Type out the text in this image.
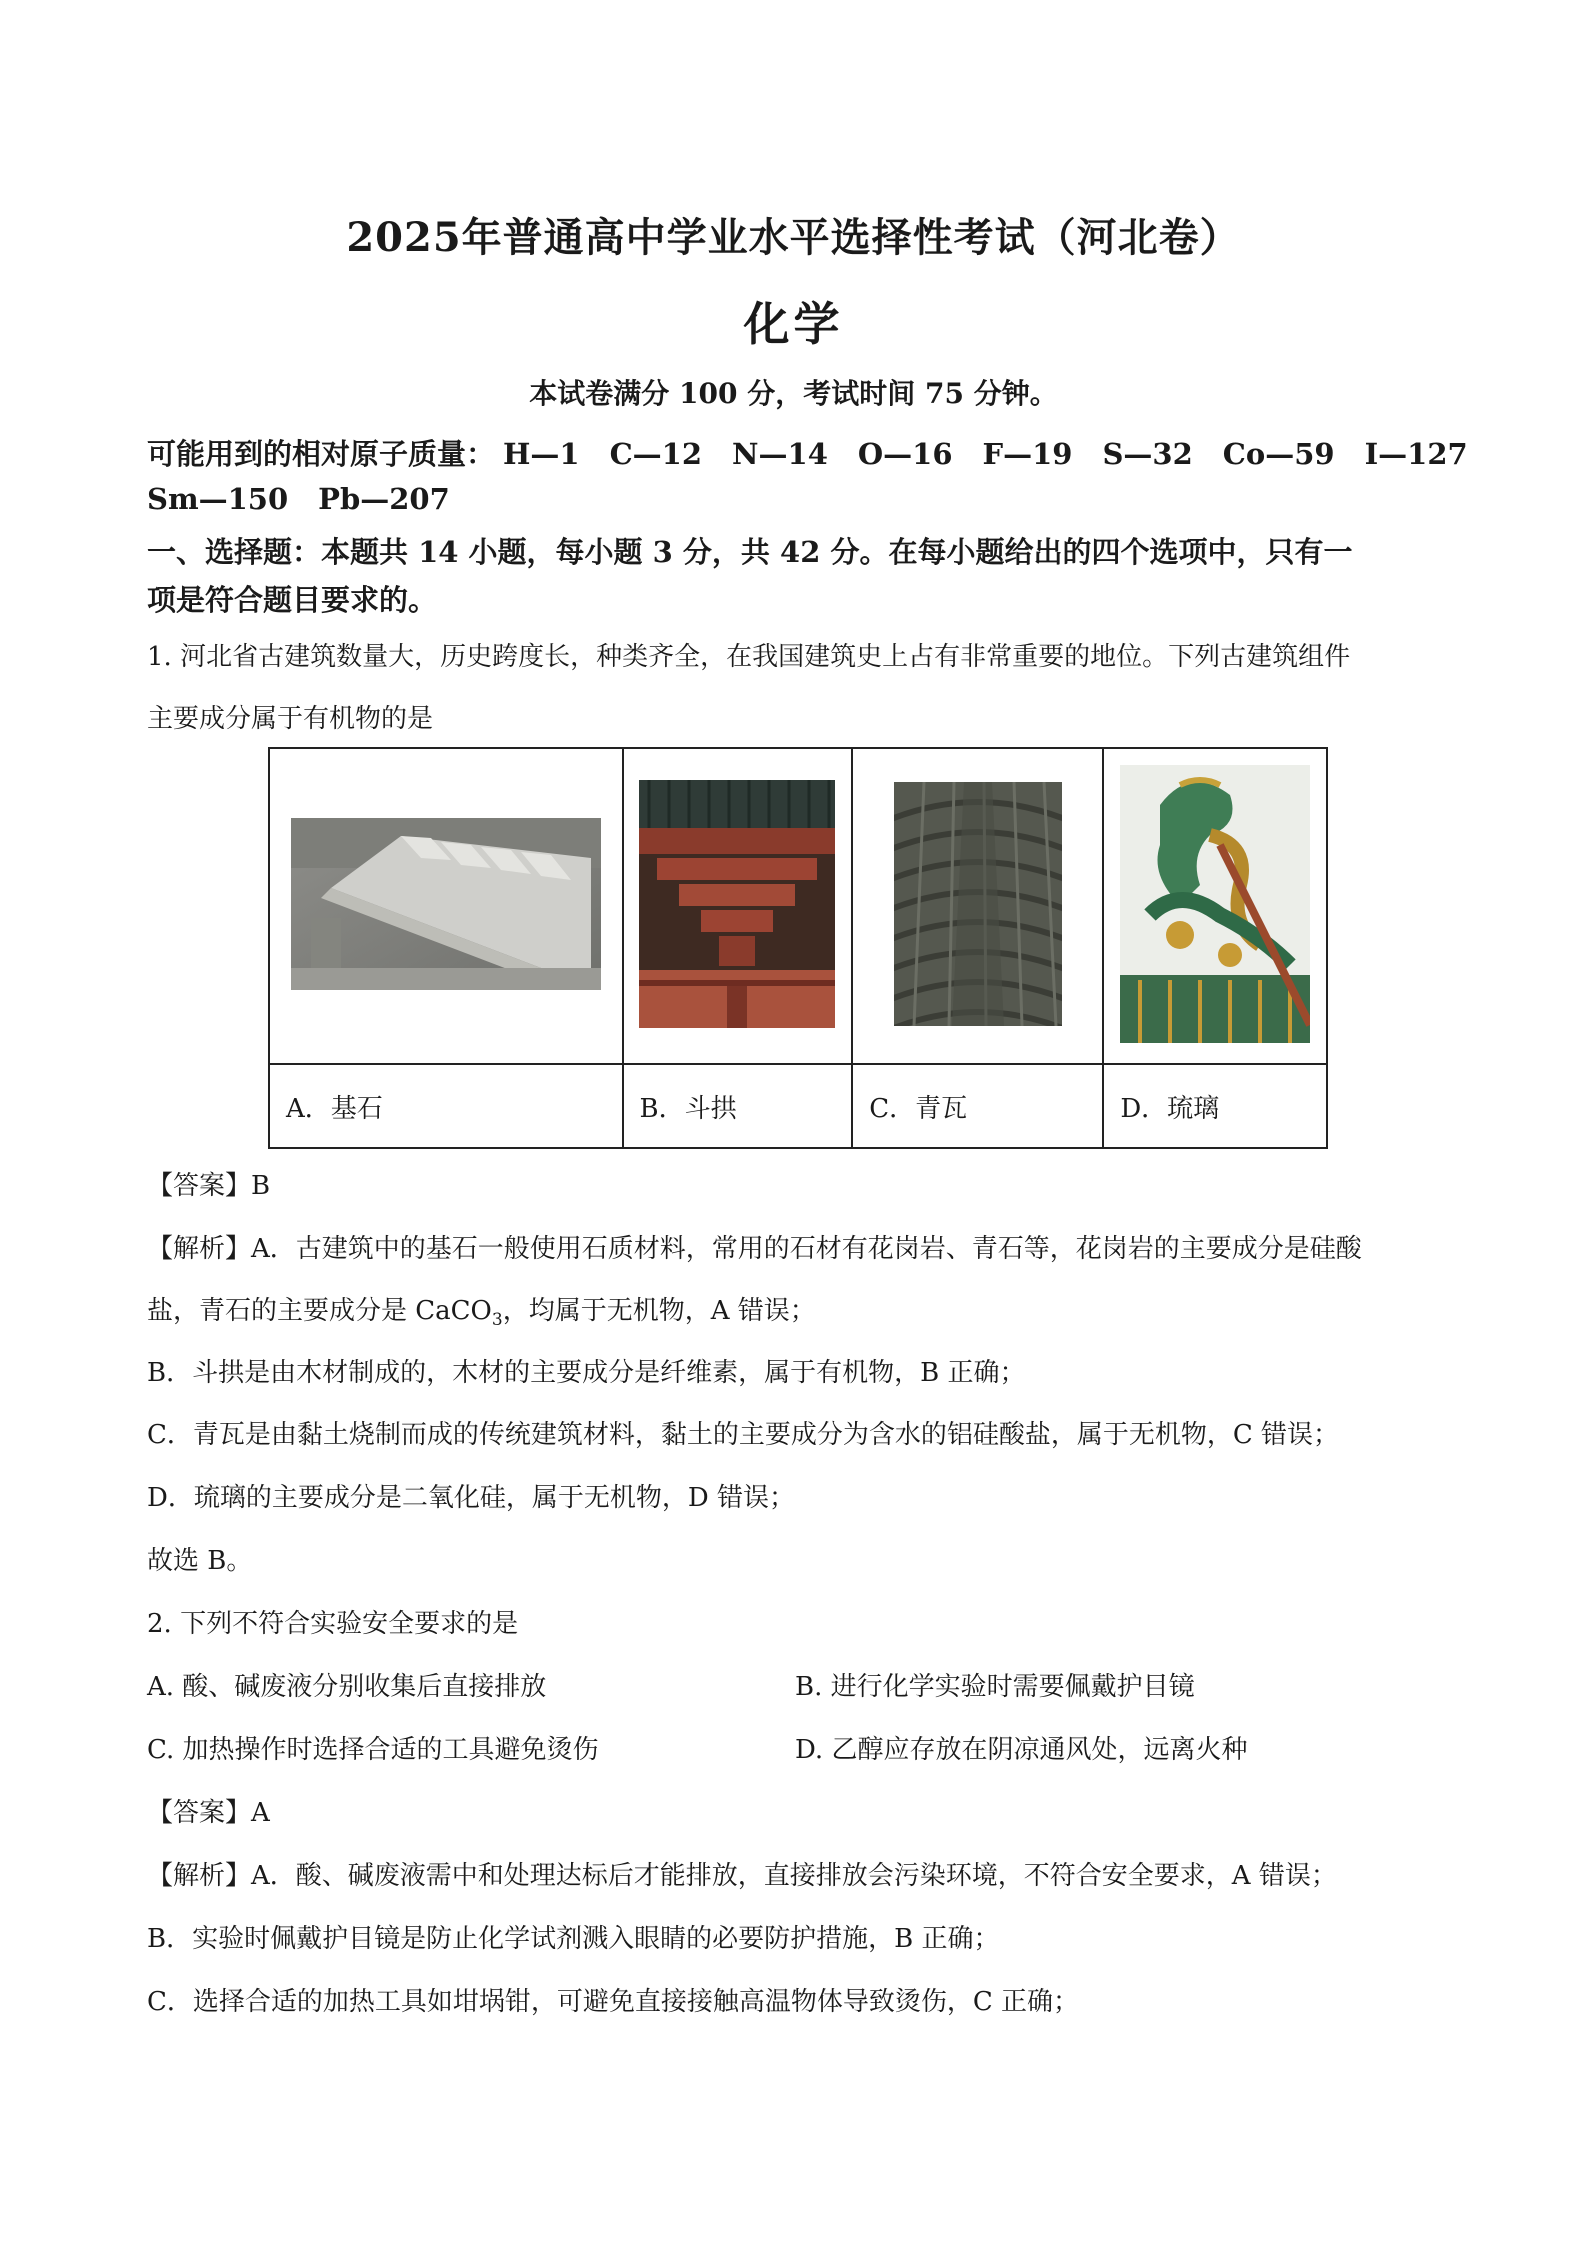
2025年普通高中学业水平选择性考试（河北卷）
化学
本试卷满分 100 分，考试时间 75 分钟。
可能用到的相对原子质量： H—1 C—12 N—14 O—16 F—19 S—32 Co—59 I—127
Sm—150 Pb—207
一、选择题：本题共 14 小题，每小题 3 分，共 42 分。在每小题给出的四个选项中，只有一
项是符合题目要求的。
1. 河北省古建筑数量大，历史跨度长，种类齐全，在我国建筑史上占有非常重要的地位。下列古建筑组件
主要成分属于有机物的是

A．基石	B．斗拱	C．青瓦	D．琉璃
【答案】B
【解析】A．古建筑中的基石一般使用石质材料，常用的石材有花岗岩、青石等，花岗岩的主要成分是硅酸
盐，青石的主要成分是 CaCO$_3$，均属于无机物，A 错误；
B．斗拱是由木材制成的，木材的主要成分是纤维素，属于有机物，B 正确；
C．青瓦是由黏土烧制而成的传统建筑材料，黏土的主要成分为含水的铝硅酸盐，属于无机物，C 错误；
D．琉璃的主要成分是二氧化硅，属于无机物，D 错误；
故选 B。
2. 下列不符合实验安全要求的是
A. 酸、碱废液分别收集后直接排放	B. 进行化学实验时需要佩戴护目镜
C. 加热操作时选择合适的工具避免烫伤	D. 乙醇应存放在阴凉通风处，远离火种
【答案】A
【解析】A．酸、碱废液需中和处理达标后才能排放，直接排放会污染环境，不符合安全要求，A 错误；
B．实验时佩戴护目镜是防止化学试剂溅入眼睛的必要防护措施，B 正确；
C．选择合适的加热工具如坩埚钳，可避免直接接触高温物体导致烫伤，C 正确；
